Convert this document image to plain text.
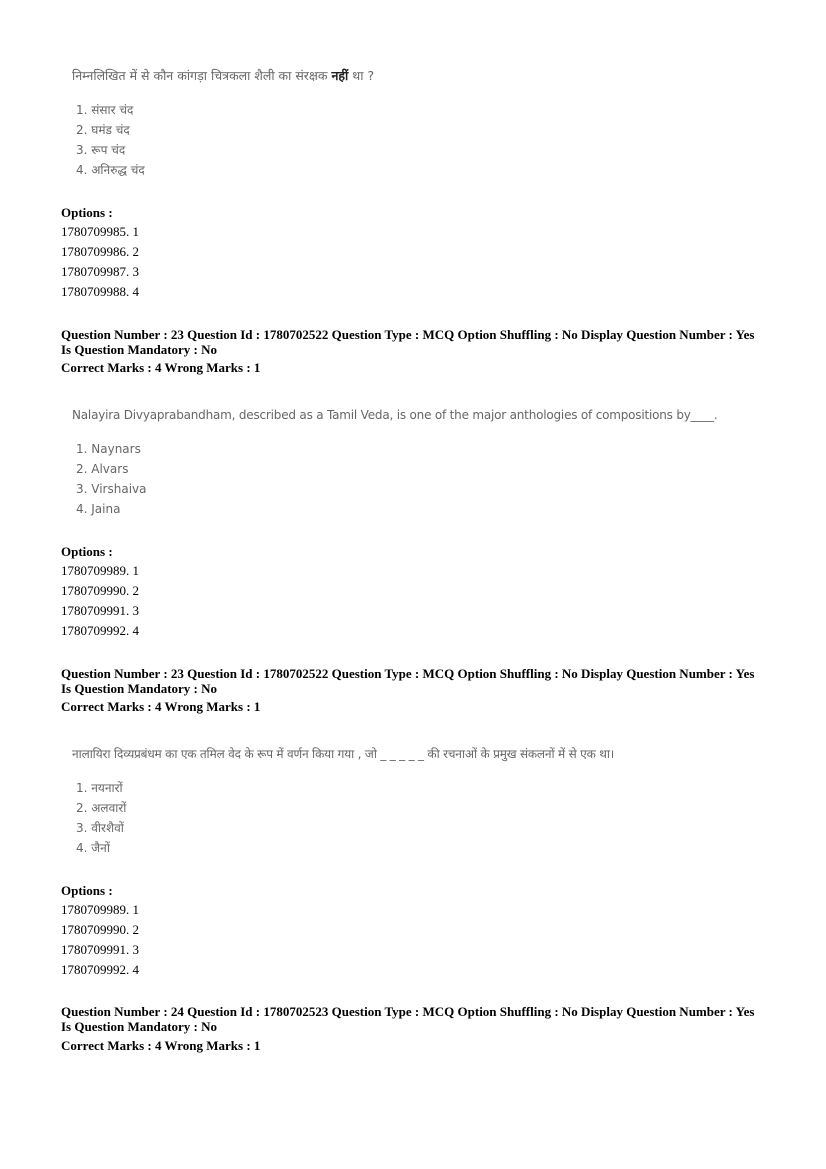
निम्नलिखित में से कौन कांगड़ा चित्रकला शैली का संरक्षक नहीं था ?
1. संसार चंद
2. घमंड चंद
3. रूप चंद
4. अनिरुद्ध चंद
Options :
1780709985. 1
1780709986. 2
1780709987. 3
1780709988. 4
Question Number : 23 Question Id : 1780702522 Question Type : MCQ Option Shuffling : No Display Question Number : Yes
Is Question Mandatory : No
Correct Marks : 4 Wrong Marks : 1
Nalayira Divyaprabandham, described as a Tamil Veda, is one of the major anthologies of compositions by____.
1. Naynars
2. Alvars
3. Virshaiva
4. Jaina
Options :
1780709989. 1
1780709990. 2
1780709991. 3
1780709992. 4
Question Number : 23 Question Id : 1780702522 Question Type : MCQ Option Shuffling : No Display Question Number : Yes
Is Question Mandatory : No
Correct Marks : 4 Wrong Marks : 1
नालायिरा दिव्यप्रबंधम का एक तमिल वेद के रूप में वर्णन किया गया , जो _ _ _ _ _ की रचनाओं के प्रमुख संकलनों में से एक था।
1. नयनारों
2. अलवारों
3. वीरशैवों
4. जैनों
Options :
1780709989. 1
1780709990. 2
1780709991. 3
1780709992. 4
Question Number : 24 Question Id : 1780702523 Question Type : MCQ Option Shuffling : No Display Question Number : Yes
Is Question Mandatory : No
Correct Marks : 4 Wrong Marks : 1
